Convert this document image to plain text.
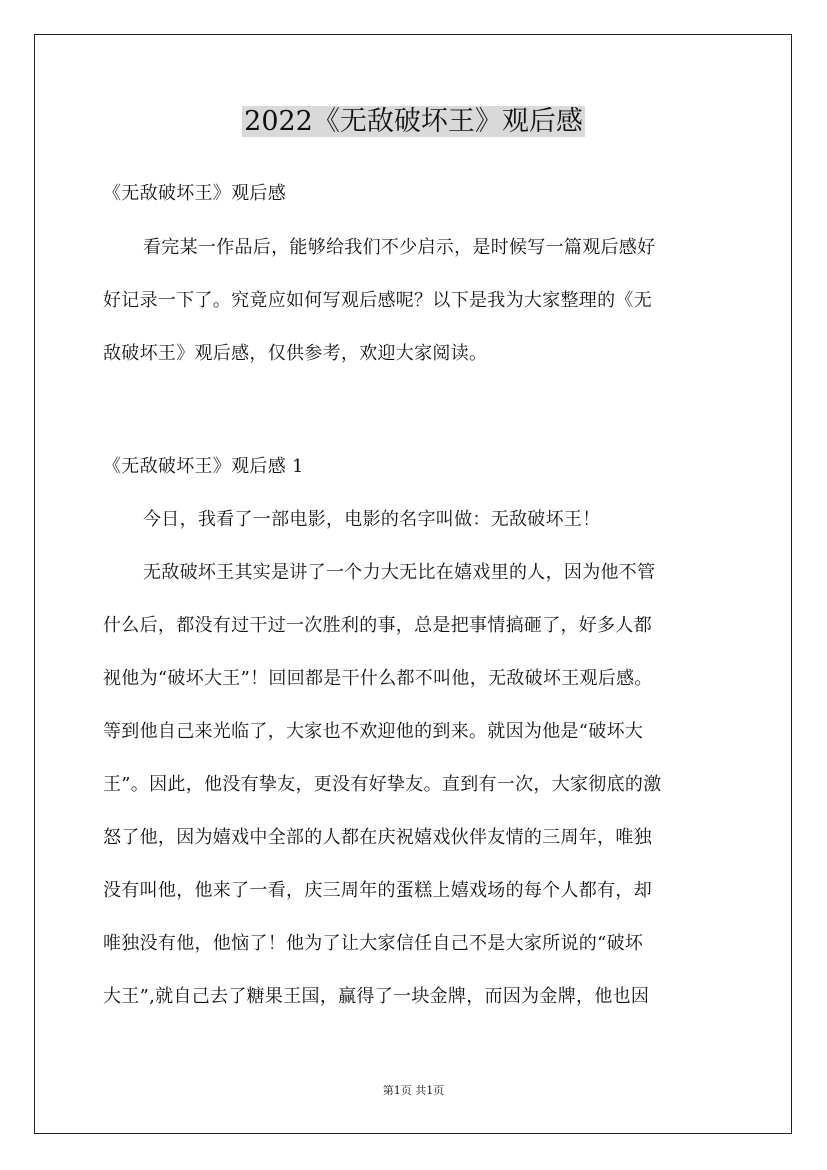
2022《无敌破坏王》观后感

《无敌破坏王》观后感

看完某一作品后，能够给我们不少启示，是时候写一篇观后感好

好记录一下了。究竟应如何写观后感呢？以下是我为大家整理的《无

敌破坏王》观后感，仅供参考，欢迎大家阅读。

《无敌破坏王》观后感 1

今日，我看了一部电影，电影的名字叫做：无敌破坏王！

无敌破坏王其实是讲了一个力大无比在嬉戏里的人，因为他不管

什么后，都没有过干过一次胜利的事，总是把事情搞砸了，好多人都

视他为“破坏大王”！回回都是干什么都不叫他，无敌破坏王观后感。

等到他自己来光临了，大家也不欢迎他的到来。就因为他是“破坏大

王”。因此，他没有挚友，更没有好挚友。直到有一次，大家彻底的激

怒了他，因为嬉戏中全部的人都在庆祝嬉戏伙伴友情的三周年，唯独

没有叫他，他来了一看，庆三周年的蛋糕上嬉戏场的每个人都有，却

唯独没有他，他恼了！他为了让大家信任自己不是大家所说的“破坏

大王”,就自己去了糖果王国，赢得了一块金牌，而因为金牌，他也因

第1页 共1页
